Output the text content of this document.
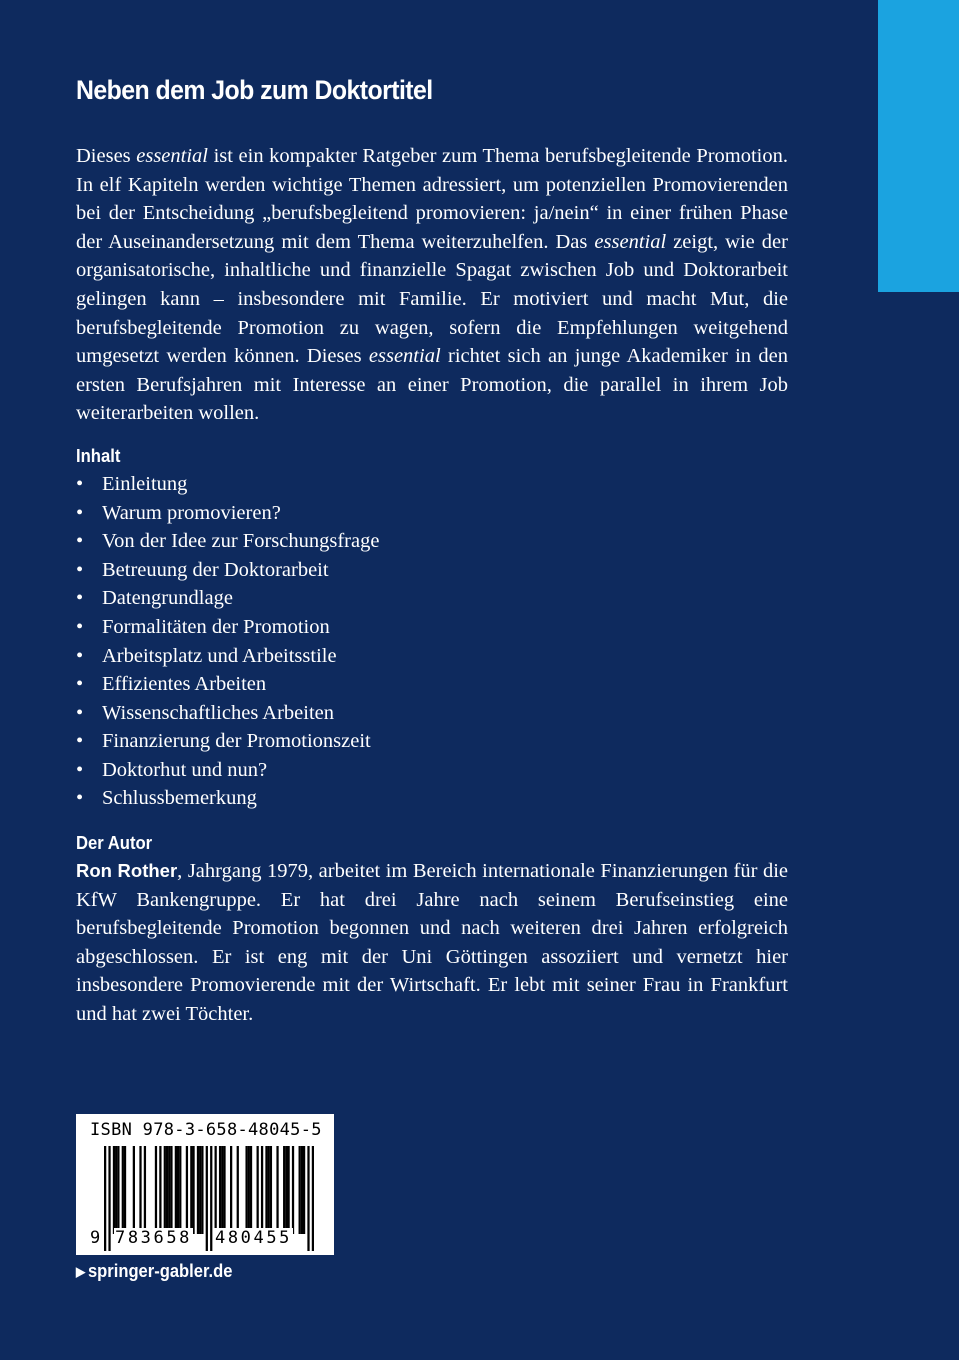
Neben dem Job zum Doktortitel

Dieses essential ist ein kompakter Ratgeber zum Thema berufsbegleitende Promotion. In elf Kapiteln werden wichtige Themen adressiert, um potenziellen Promovierenden bei der Entscheidung „berufsbegleitend promovieren: ja/nein“ in einer frühen Phase der Auseinandersetzung mit dem Thema weiterzuhelfen. Das essential zeigt, wie der organisatorische, inhaltliche und finanzielle Spagat zwischen Job und Doktorarbeit gelingen kann – insbesondere mit Familie. Er motiviert und macht Mut, die berufsbegleitende Promotion zu wagen, sofern die Empfehlungen weitgehend umgesetzt werden können. Dieses essential richtet sich an junge Akademiker in den ersten Berufsjahren mit Interesse an einer Promotion, die parallel in ihrem Job weiterarbeiten wollen.

Inhalt
• Einleitung
• Warum promovieren?
• Von der Idee zur Forschungsfrage
• Betreuung der Doktorarbeit
• Datengrundlage
• Formalitäten der Promotion
• Arbeitsplatz und Arbeitsstile
• Effizientes Arbeiten
• Wissenschaftliches Arbeiten
• Finanzierung der Promotionszeit
• Doktorhut und nun?
• Schlussbemerkung
Der Autor

Ron Rother, Jahrgang 1979, arbeitet im Bereich internationale Finanzierungen für die KfW Bankengruppe. Er hat drei Jahre nach seinem Berufseinstieg eine berufsbegleitende Promotion begonnen und nach weiteren drei Jahren erfolgreich abgeschlossen. Er ist eng mit der Uni Göttingen assoziiert und vernetzt hier insbesondere Promovierende mit der Wirtschaft. Er lebt mit seiner Frau in Frankfurt und hat zwei Töchter.

ISBN 978-3-658-48045-5
9 783658 480455
▶ springer-gabler.de
